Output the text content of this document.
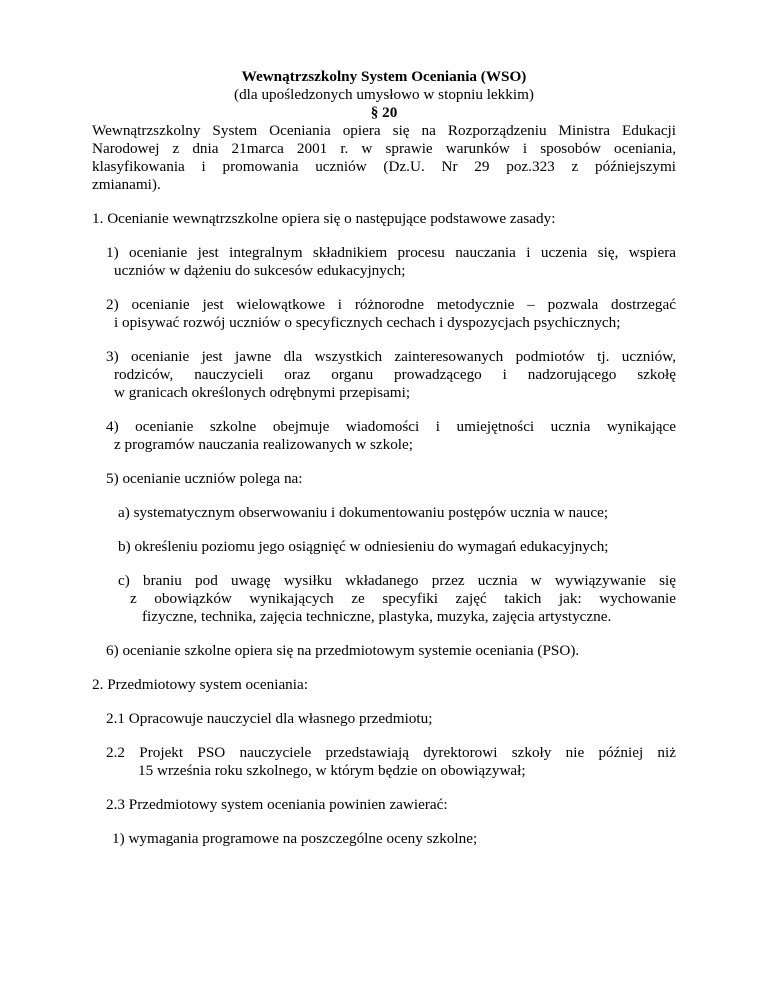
Wewnątrzszkolny System Oceniania (WSO)
(dla upośledzonych umysłowo w stopniu lekkim)
§ 20
Wewnątrzszkolny System Oceniania opiera się na Rozporządzeniu Ministra Edukacji
Narodowej z dnia 21marca 2001 r. w sprawie warunków i sposobów oceniania,
klasyfikowania i promowania uczniów (Dz.U. Nr 29 poz.323 z późniejszymi
zmianami).
1. Ocenianie wewnątrzszkolne opiera się o następujące podstawowe zasady:
1) ocenianie jest integralnym składnikiem procesu nauczania i uczenia się, wspiera
uczniów w dążeniu do sukcesów edukacyjnych;
2) ocenianie jest wielowątkowe i różnorodne metodycznie – pozwala dostrzegać
i opisywać rozwój uczniów o specyficznych cechach i dyspozycjach psychicznych;
3) ocenianie jest jawne dla wszystkich zainteresowanych podmiotów tj. uczniów,
rodziców, nauczycieli oraz organu prowadzącego i nadzorującego szkołę
w granicach określonych odrębnymi przepisami;
4) ocenianie szkolne obejmuje wiadomości i umiejętności ucznia wynikające
z programów nauczania realizowanych w szkole;
5) ocenianie uczniów polega na:
a) systematycznym obserwowaniu i dokumentowaniu postępów ucznia w nauce;
b) określeniu poziomu jego osiągnięć w odniesieniu do wymagań edukacyjnych;
c) braniu pod uwagę wysiłku wkładanego przez ucznia w wywiązywanie się
z obowiązków wynikających ze specyfiki zajęć takich jak: wychowanie
fizyczne, technika, zajęcia techniczne, plastyka, muzyka, zajęcia artystyczne.
6) ocenianie szkolne opiera się na przedmiotowym systemie oceniania (PSO).
2. Przedmiotowy system oceniania:
2.1 Opracowuje nauczyciel dla własnego przedmiotu;
2.2 Projekt PSO nauczyciele przedstawiają dyrektorowi szkoły nie później niż
15 września roku szkolnego, w którym będzie on obowiązywał;
2.3 Przedmiotowy system oceniania powinien zawierać:
1) wymagania programowe na poszczególne oceny szkolne;
